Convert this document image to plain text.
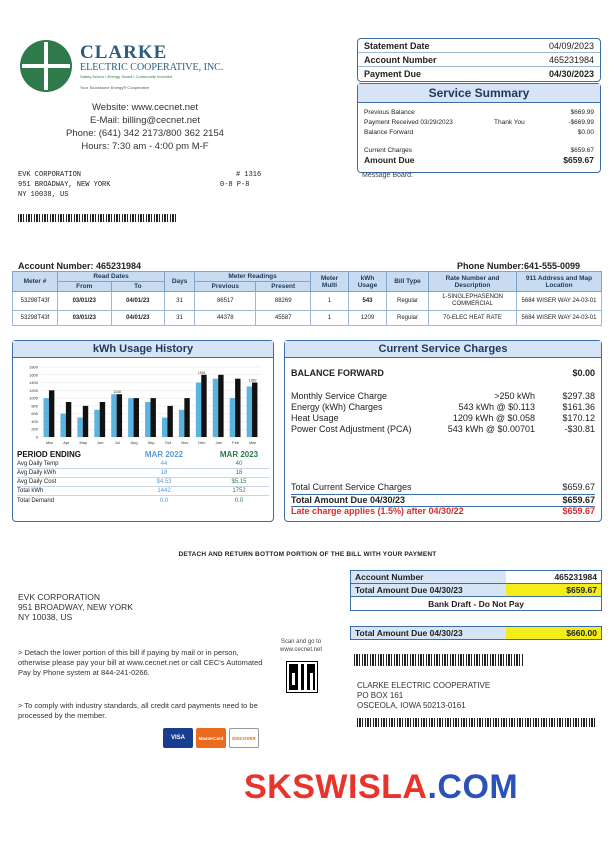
CLARKE
ELECTRIC COOPERATIVE, INC.
Safety Driven • Energy Smart • Community Invested
Your Touchstone Energy® Cooperative
Website: www.cecnet.net
E-Mail: billing@cecnet.net
Phone: (641) 342 2173/800 362 2154
Hours: 7:30 am - 4:00 pm M-F
EVK CORPORATION
951 BROADWAY, NEW YORK
NY 10038, US
# 1316
0-8 P-8
Statement Date	04/09/2023
Account Number	465231984
Payment Due	04/30/2023
Service Summary
Previous Balance	$669.99
Payment Received 03/29/2023	Thank You	-$669.99
Balance Forward	$0.00
Current Charges	$659.67
Amount Due	$659.67
Message Board:
Account Number: 465231984	Phone Number:641-555-0099
Meter #	Read Dates		Days	Meter Readings		Meter Multi	kWh Usage	Bill Type	Rate Number and Description	911 Address and Map Location
	From	To		Previous	Present					
53298T43f	03/01/23	04/01/23	31	86517	88269	1	543	Regular	1-SINGLEPHASENON COMMERCIAL	5684 WISER WAY 24-03-01
53298T43f	03/01/23	04/01/23	31	44378	45587	1	1209	Regular	70-ELEC HEAT RATE	5684 WISER WAY 24-03-01
kWh Usage History
1800
1600
1400
1200
1000
800
600
400
200
0
Mar	Apr	May Jun	Jul
1108
Aug Sep	Oct	Nov Dec
1591
Jan	Feb	Mar
1289
PERIOD ENDING	MAR 2022	MAR 2023
Avg Daily Temp	44	40
Avg Daily kWh	18	18
Avg Daily Cost	$4.53	$5.15
Total kWh	1442	1752
Total Demand	0.0	0.0
Current Service Charges
BALANCE FORWARD	$0.00
Monthly Service Charge	>250 kWh	$297.38
Energy (kWh) Charges	543 kWh @ $0.113	$161.36
Heat Usage	1209 kWh @ $0.058	$170.12
Power Cost Adjustment (PCA)	543 kWh @ $0.00701	-$30.81
Total Current Service Charges	$659.67
Total Amount Due 04/30/23	$659.67
Late charge applies (1.5%) after 04/30/22	$659.67
DETACH AND RETURN BOTTOM PORTION OF THE BILL WITH YOUR PAYMENT
Account Number	465231984
Total Amount Due 04/30/23	$659.67
Bank Draft - Do Not Pay
Total Amount Due 04/30/23	$660.00
EVK CORPORATION
951 BROADWAY, NEW YORK
NY 10038, US
> Detach the lower portion of this bill if paying by mail or in person, otherwise please pay your bill at www.cecnet.net or call CEC's Automated Pay by Phone system at 844-241-0266.
> To comply with industry standards, all credit card payments need to be processed by the member.
Scan and go to www.cecnet.net
CLARKE ELECTRIC COOPERATIVE
PO BOX 161
OSCEOLA, IOWA 50213-0161
VISA	MasterCard	DISCOVER
SKSWISLA.COM
